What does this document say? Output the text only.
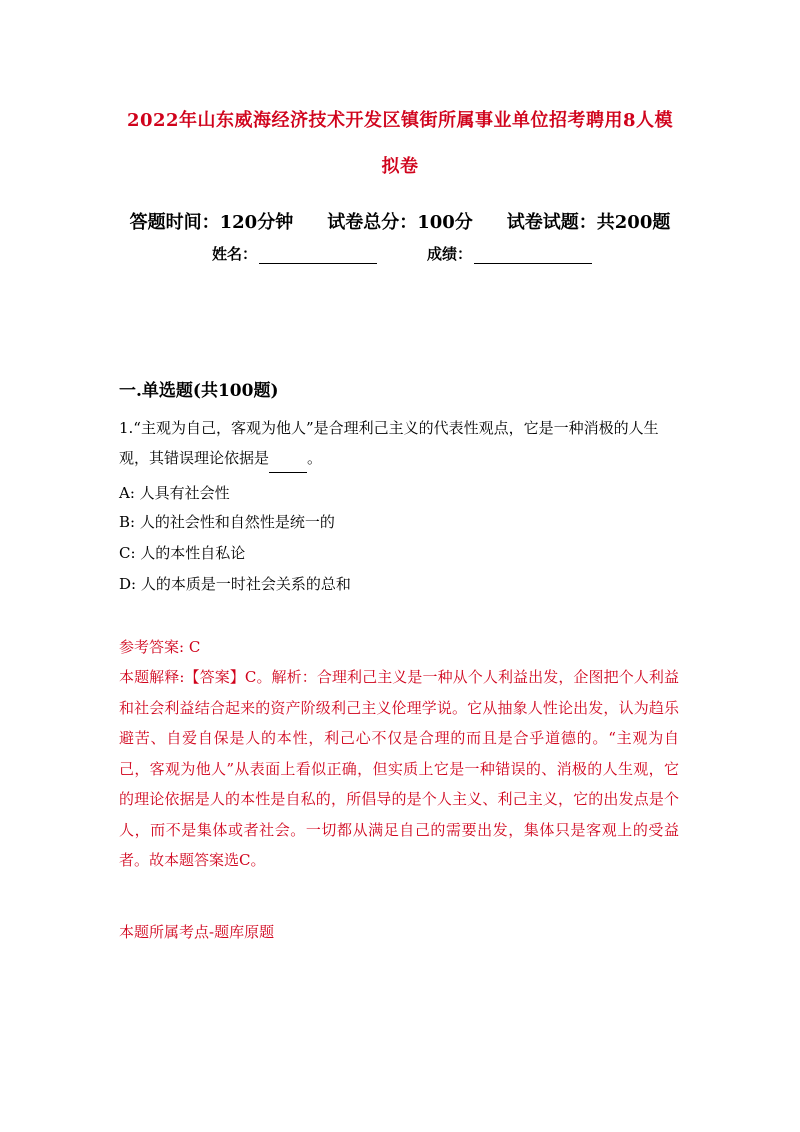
2022年山东威海经济技术开发区镇街所属事业单位招考聘用8人模
拟卷
答题时间：120分钟 试卷总分：100分 试卷试题：共200题
姓名：	成绩：
一.单选题(共100题)
1.“主观为自己，客观为他人”是合理利己主义的代表性观点，它是一种消极的人生观，其错误理论依据是	。
A: 人具有社会性
B: 人的社会性和自然性是统一的
C: 人的本性自私论
D: 人的本质是一时社会关系的总和
参考答案: C
本题解释:【答案】C。解析：合理利己主义是一种从个人利益出发，企图把个人利益和社会利益结合起来的资产阶级利己主义伦理学说。它从抽象人性论出发，认为趋乐避苦、自爱自保是人的本性，利己心不仅是合理的而且是合乎道德的。“主观为自己，客观为他人”从表面上看似正确，但实质上它是一种错误的、消极的人生观，它的理论依据是人的本性是自私的，所倡导的是个人主义、利己主义，它的出发点是个人，而不是集体或者社会。一切都从满足自己的需要出发，集体只是客观上的受益者。故本题答案选C。
本题所属考点-题库原题
